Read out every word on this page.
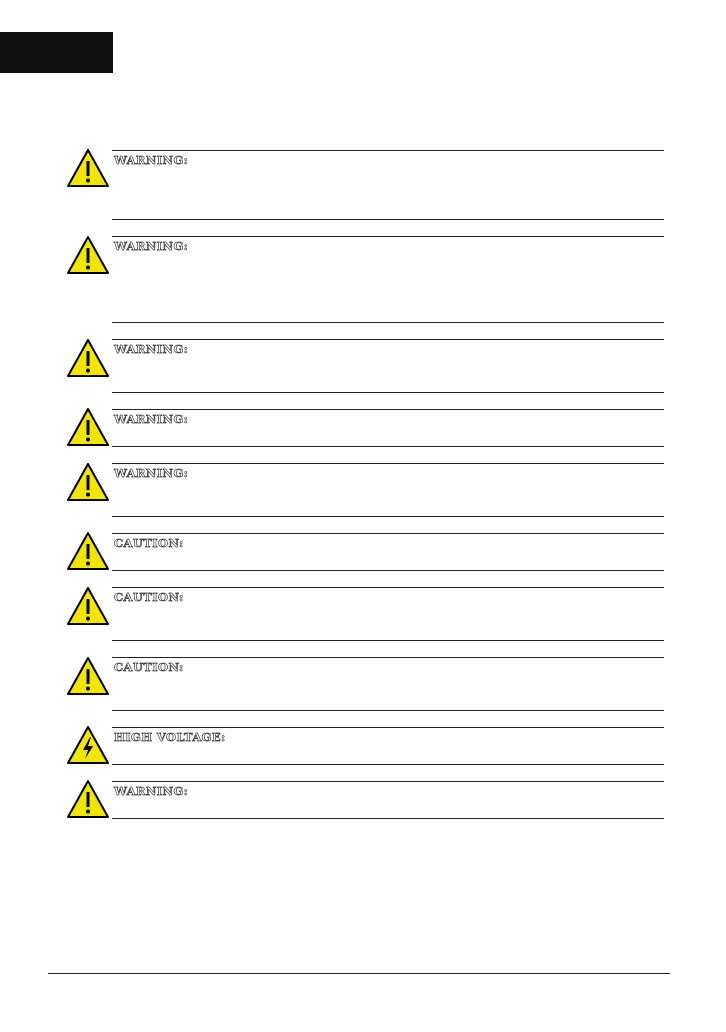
WARNING:
WARNING:
WARNING:
WARNING:
WARNING:
CAUTION:
CAUTION:
CAUTION:
HIGH VOLTAGE:
WARNING:
